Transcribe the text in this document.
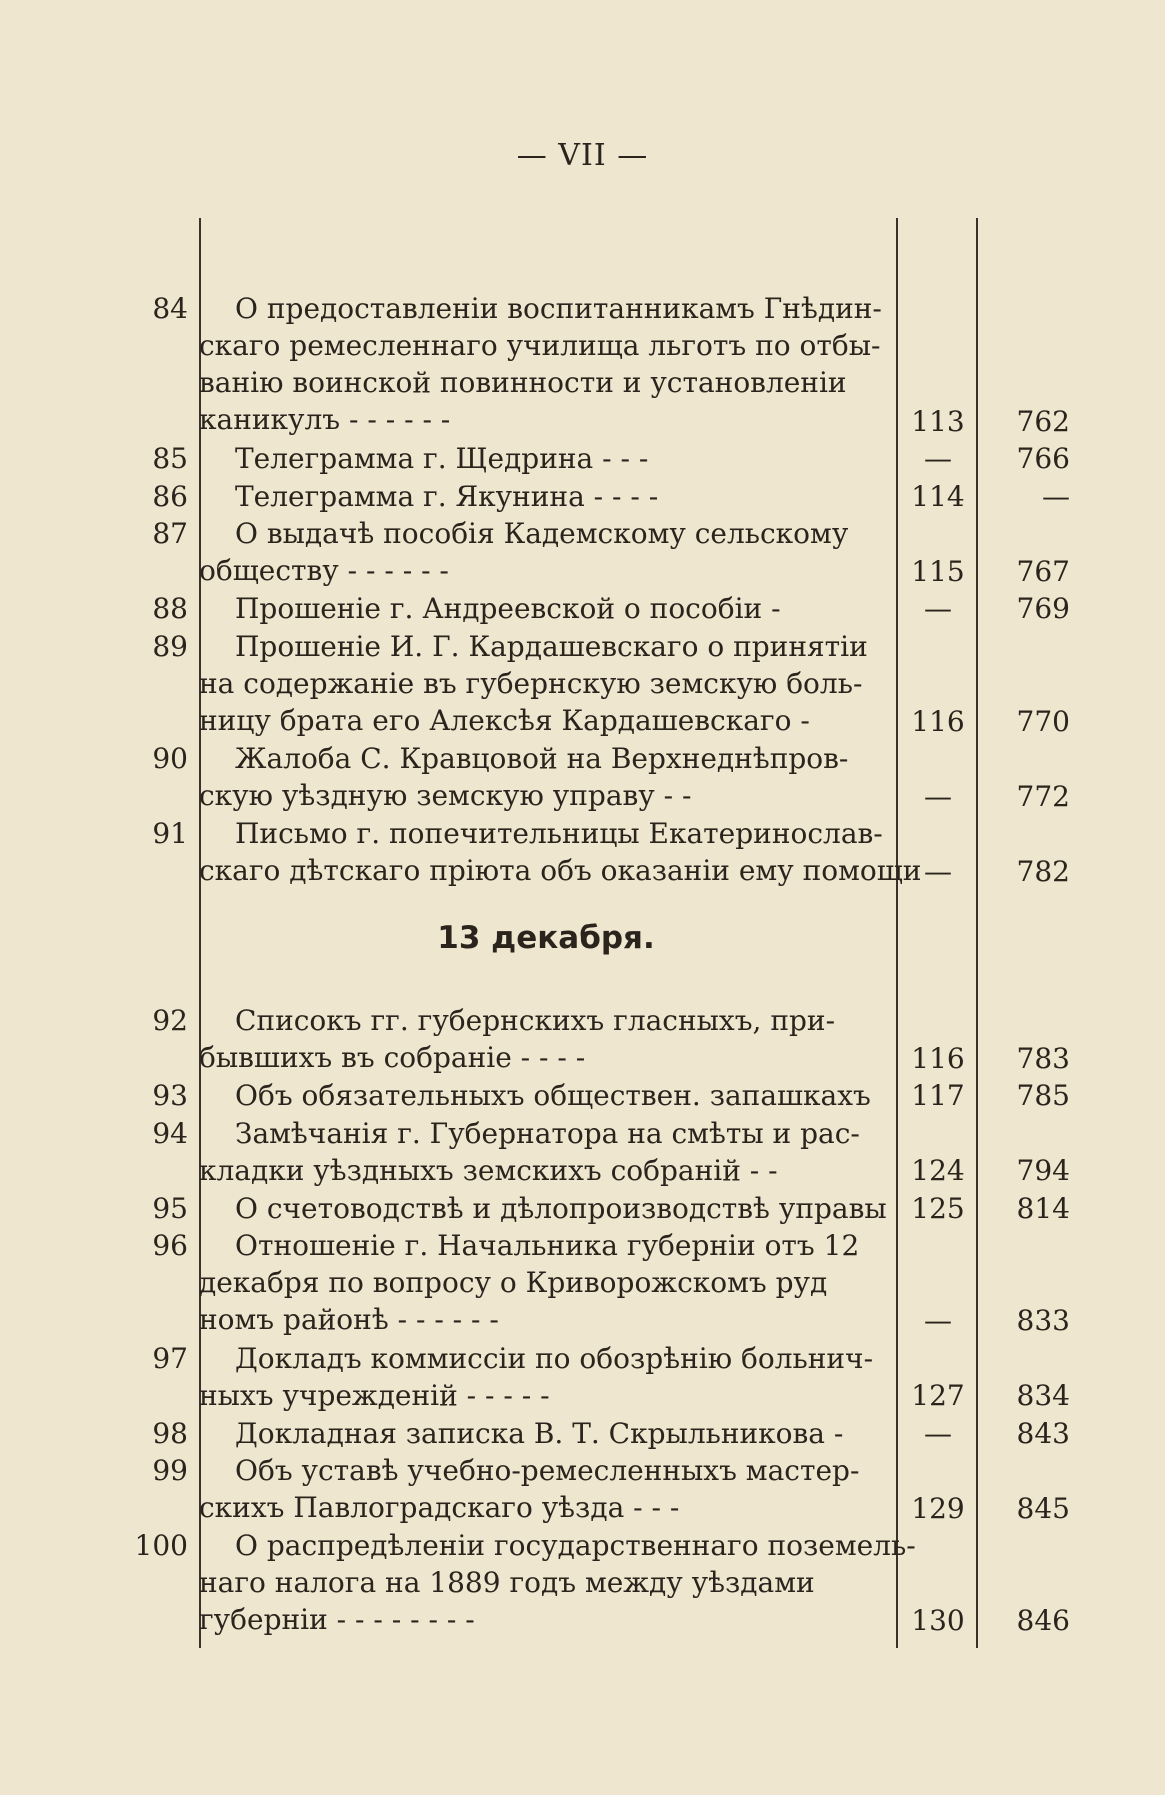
— VII —
84	О предоставленіи воспитанникамъ Гнѣдин-
скаго ремесленнаго училища льготъ по отбы-
ванію воинской повинности и установленіи
каникулъ - - - - - -	113	762
85	Телеграмма г. Щедрина - - -	—	766
86	Телеграмма г. Якунина - - - -	114	—
87	О выдачѣ пособія Кадемскому сельскому
обществу - - - - - -	115	767
88	Прошеніе г. Андреевской о пособіи -	—	769
89	Прошеніе И. Г. Кардашевскаго о принятіи
на содержаніе въ губернскую земскую боль-
ницу брата его Алексѣя Кардашевскаго -	116	770
90	Жалоба С. Кравцовой на Верхнеднѣпров-
скую уѣздную земскую управу - -	—	772
91	Письмо г. попечительницы Екатеринослав-
скаго дѣтскаго пріюта объ оказаніи ему помощи —	782
13 декабря.
92	Списокъ гг. губернскихъ гласныхъ, при-
бывшихъ въ собраніе - - - -	116	783
93	Объ обязательныхъ обществен. запашкахъ	117	785
94	Замѣчанія г. Губернатора на смѣты и рас-
кладки уѣздныхъ земскихъ собраній - -	124	794
95	О счетоводствѣ и дѣлопроизводствѣ управы 125	814
96	Отношеніе г. Начальника губерніи отъ 12
декабря по вопросу о Криворожскомъ руд
номъ районѣ - - - - - -	—	833
97	Докладъ коммиссіи по обозрѣнію больнич-
ныхъ учрежденій - - - - -	127	834
98	Докладная записка В. Т. Скрыльникова -	—	843
99	Объ уставѣ учебно-ремесленныхъ мастер-
скихъ Павлоградскаго уѣзда - - -	129	845
100	О распредѣленіи государственнаго поземель-
наго налога на 1889 годъ между уѣздами
губерніи - - - - - - - -	130	846
